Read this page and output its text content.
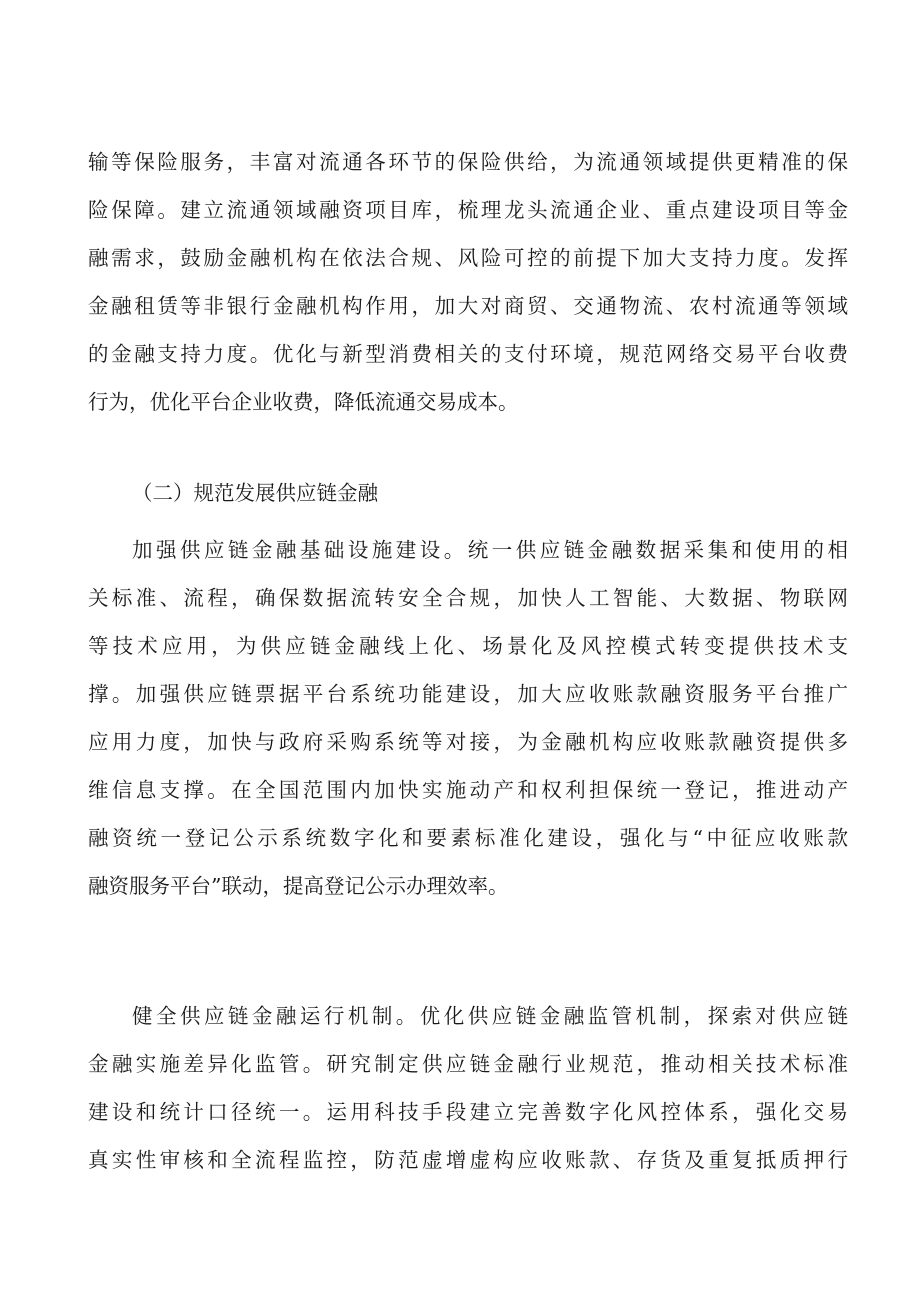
输等保险服务，丰富对流通各环节的保险供给，为流通领域提供更精准的保
险保障。建立流通领域融资项目库，梳理龙头流通企业、重点建设项目等金
融需求，鼓励金融机构在依法合规、风险可控的前提下加大支持力度。发挥
金融租赁等非银行金融机构作用，加大对商贸、交通物流、农村流通等领域
的金融支持力度。优化与新型消费相关的支付环境，规范网络交易平台收费
行为，优化平台企业收费，降低流通交易成本。
（二）规范发展供应链金融
加强供应链金融基础设施建设。统一供应链金融数据采集和使用的相
关标准、流程，确保数据流转安全合规，加快人工智能、大数据、物联网
等技术应用，为供应链金融线上化、场景化及风控模式转变提供技术支
撑。加强供应链票据平台系统功能建设，加大应收账款融资服务平台推广
应用力度，加快与政府采购系统等对接，为金融机构应收账款融资提供多
维信息支撑。在全国范围内加快实施动产和权利担保统一登记，推进动产
融资统一登记公示系统数字化和要素标准化建设，强化与“中征应收账款
融资服务平台”联动，提高登记公示办理效率。
健全供应链金融运行机制。优化供应链金融监管机制，探索对供应链
金融实施差异化监管。研究制定供应链金融行业规范，推动相关技术标准
建设和统计口径统一。运用科技手段建立完善数字化风控体系，强化交易
真实性审核和全流程监控，防范虚增虚构应收账款、存货及重复抵质押行
